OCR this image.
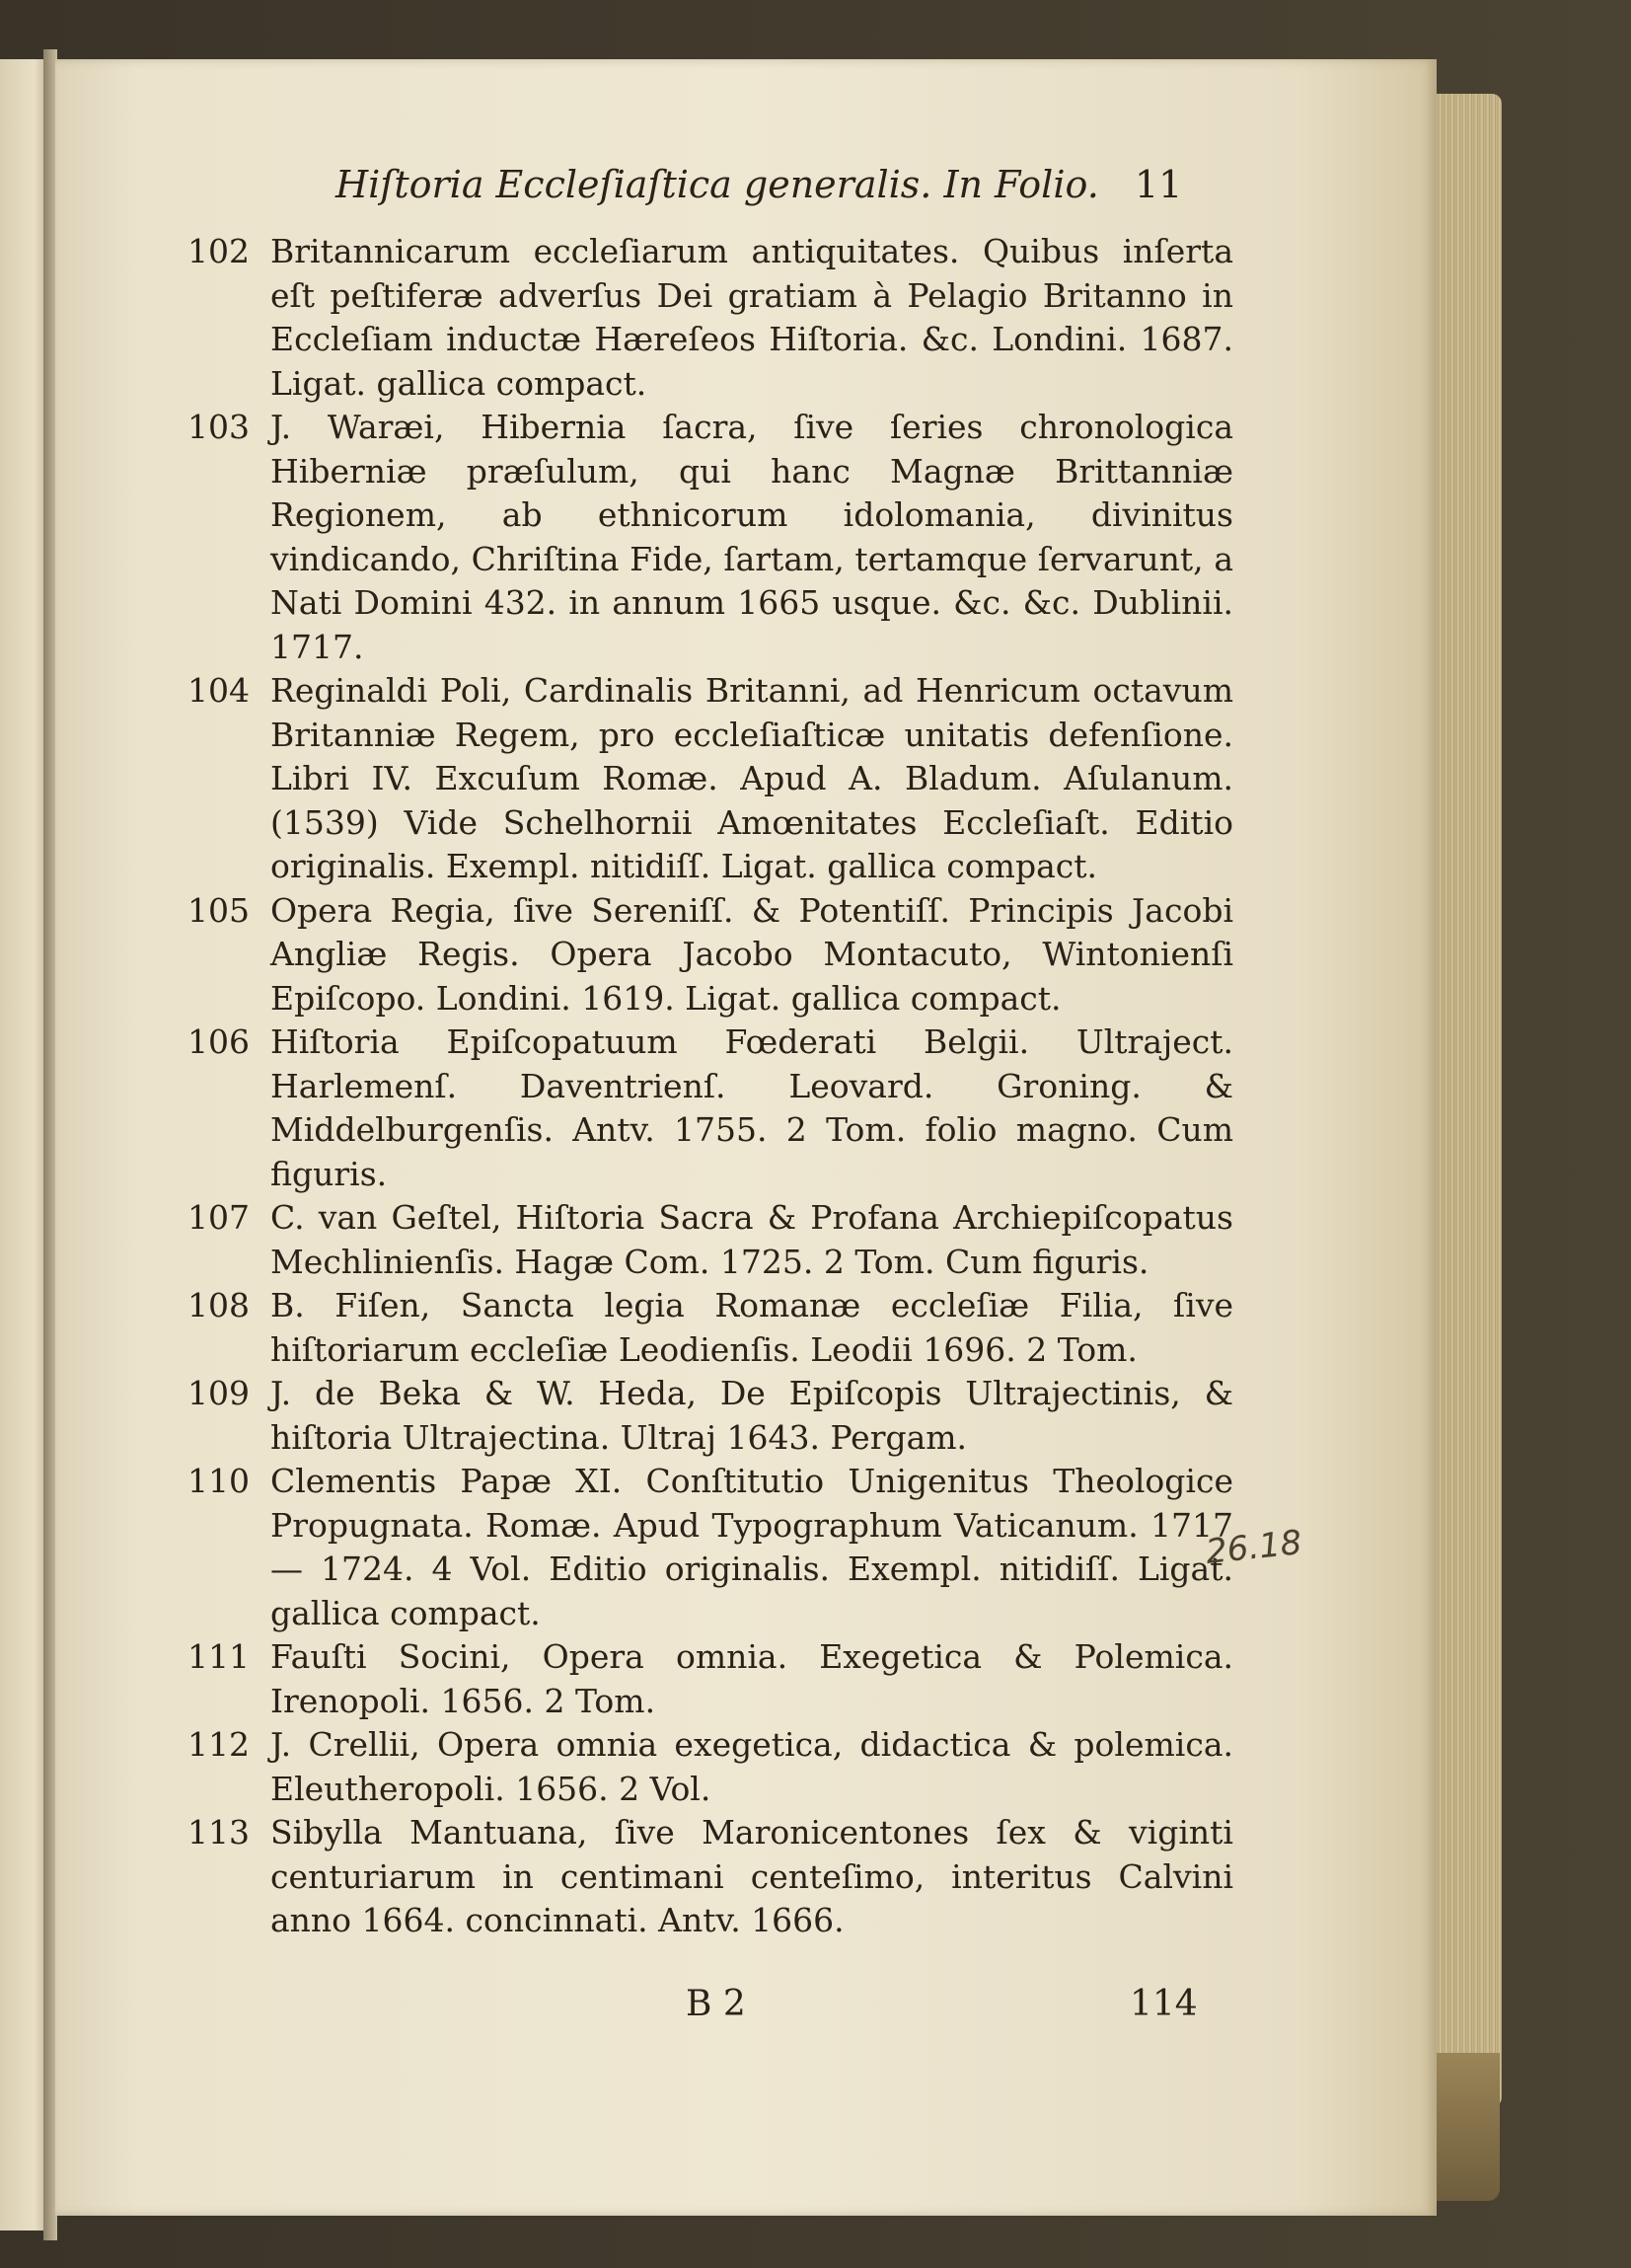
Hiſtoria Eccleſiaſtica generalis. In Folio. 11
102 Britannicarum eccleſiarum antiquitates. Quibus inſerta eſt peſtiferæ adverſus Dei gratiam à Pelagio Britanno in Eccleſiam inductæ Hæreſeos Hiſtoria. &c. Londini. 1687. Ligat. gallica compact.
103 J. Waræi, Hibernia ſacra, ſive ſeries chronologica Hiberniæ præſulum, qui hanc Magnæ Brittanniæ Regionem, ab ethnicorum idolomania, divinitus vindicando, Chriſtina Fide, ſartam, tertamque ſervarunt, a Nati Domini 432. in annum 1665 usque. &c. &c. Dublinii. 1717.
104 Reginaldi Poli, Cardinalis Britanni, ad Henricum octavum Britanniæ Regem, pro eccleſiaſticæ unitatis defenſione. Libri IV. Excuſum Romæ. Apud A. Bladum. Aſulanum. (1539) Vide Schelhornii Amœnitates Eccleſiaſt. Editio originalis. Exempl. nitidiſſ. Ligat. gallica compact.
105 Opera Regia, ſive Sereniſſ. & Potentiſſ. Principis Jacobi Angliæ Regis. Opera Jacobo Montacuto, Wintonienſi Epiſcopo. Londini. 1619. Ligat. gallica compact.
106 Hiſtoria Epiſcopatuum Fœderati Belgii. Ultraject. Harlemenſ. Daventrienſ. Leovard. Groning. & Middelburgenſis. Antv. 1755. 2 Tom. folio magno. Cum figuris.
107 C. van Geſtel, Hiſtoria Sacra & Profana Archiepiſcopatus Mechlinienſis. Hagæ Com. 1725. 2 Tom. Cum figuris.
108 B. Fiſen, Sancta legia Romanæ eccleſiæ Filia, ſive hiſtoriarum eccleſiæ Leodienſis. Leodii 1696. 2 Tom.
109 J. de Beka & W. Heda, De Epiſcopis Ultrajectinis, & hiſtoria Ultrajectina. Ultraj 1643. Pergam.
110 Clementis Papæ XI. Conſtitutio Unigenitus Theologice Propugnata. Romæ. Apud Typographum Vaticanum. 1717 — 1724. 4 Vol. Editio originalis. Exempl. nitidiſſ. Ligat. gallica compact.
111 Fauſti Socini, Opera omnia. Exegetica & Polemica. Irenopoli. 1656. 2 Tom.
112 J. Crellii, Opera omnia exegetica, didactica & polemica. Eleutheropoli. 1656. 2 Vol.
113 Sibylla Mantuana, ſive Maronicentones ſex & viginti centuriarum in centimani centeſimo, interitus Calvini anno 1664. concinnati. Antv. 1666.
26.18
B 2	114
